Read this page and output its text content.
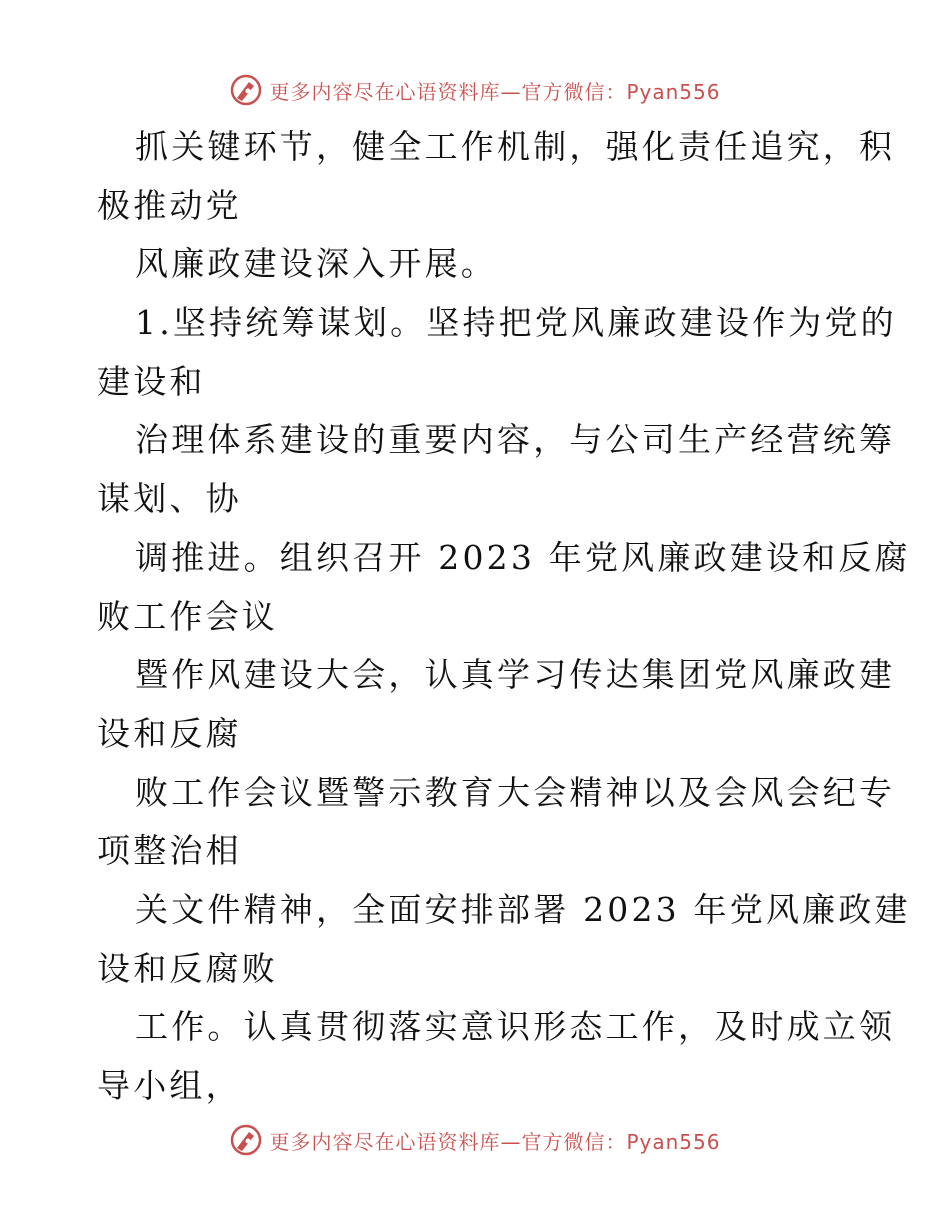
更多内容尽在心语资料库—官方微信：Pyan556
抓关键环节，健全工作机制，强化责任追究，积
极推动党
风廉政建设深入开展。
1.坚持统筹谋划。坚持把党风廉政建设作为党的
建设和
治理体系建设的重要内容，与公司生产经营统筹
谋划、协
调推进。组织召开 2023 年党风廉政建设和反腐
败工作会议
暨作风建设大会，认真学习传达集团党风廉政建
设和反腐
败工作会议暨警示教育大会精神以及会风会纪专
项整治相
关文件精神，全面安排部署 2023 年党风廉政建
设和反腐败
工作。认真贯彻落实意识形态工作，及时成立领
导小组，
更多内容尽在心语资料库—官方微信：Pyan556
